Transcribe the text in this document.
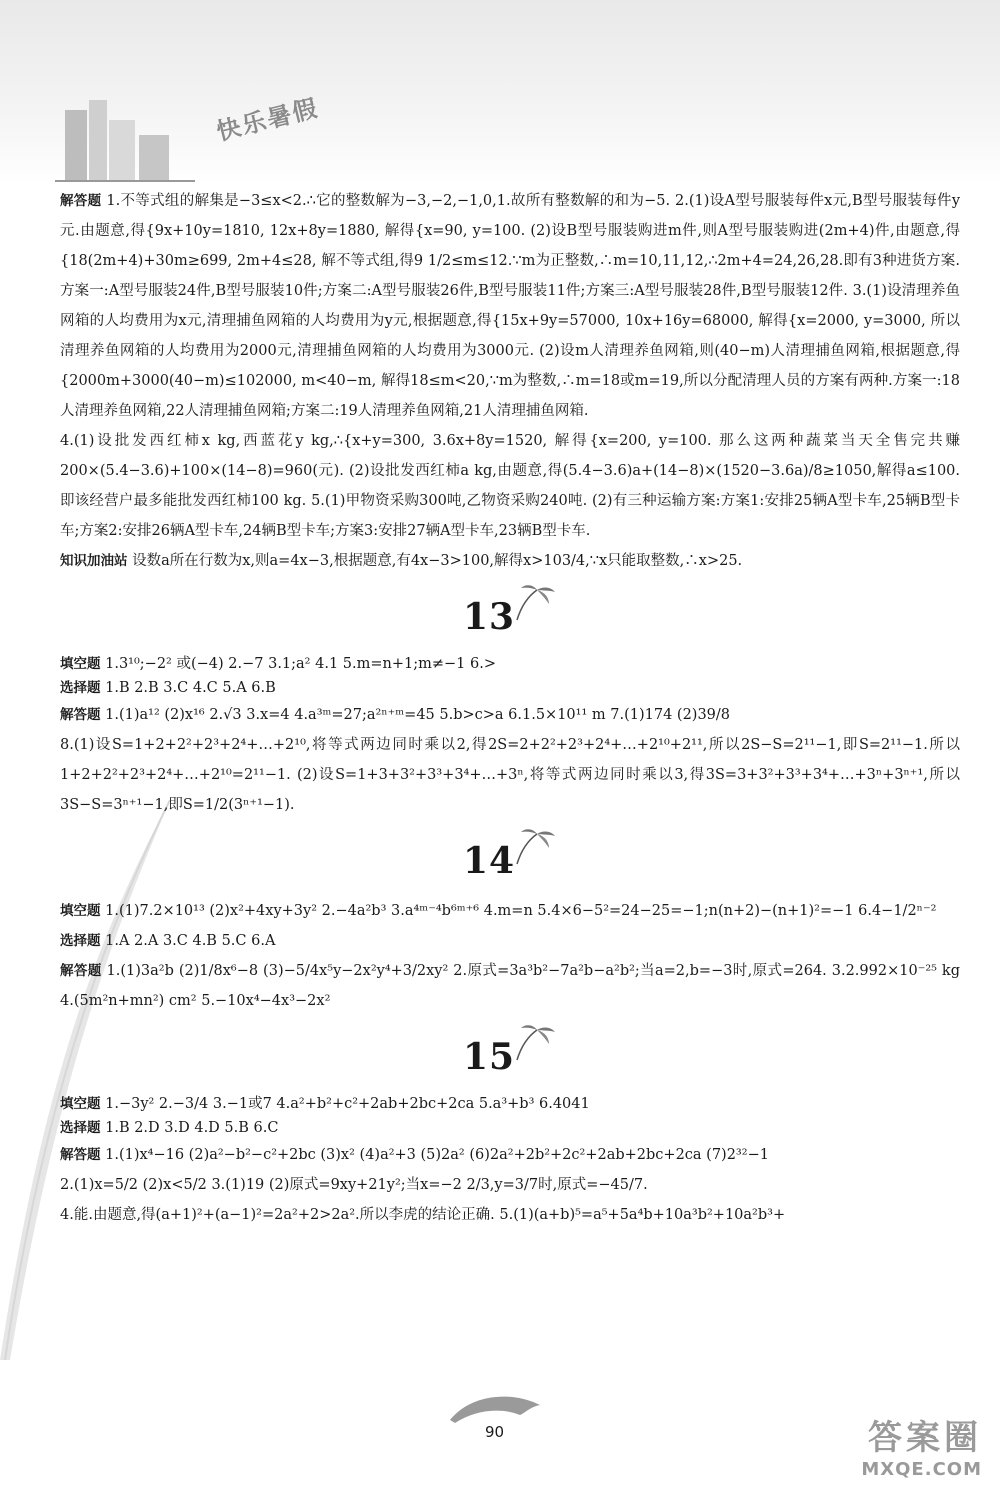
快乐暑假

解答题 1.不等式组的解集是−3≤x<2.∴它的整数解为−3,−2,−1,0,1.故所有整数解的和为−5. 2.(1)设A型号服装每件x元,B型号服装每件y元.由题意,得{9x+10y=1810, 12x+8y=1880, 解得{x=90, y=100. (2)设B型号服装购进m件,则A型号服装购进(2m+4)件,由题意,得{18(2m+4)+30m≥699, 2m+4≤28, 解不等式组,得9 1/2≤m≤12.∵m为正整数,∴m=10,11,12,∴2m+4=24,26,28.即有3种进货方案.方案一:A型号服装24件,B型号服装10件;方案二:A型号服装26件,B型号服装11件;方案三:A型号服装28件,B型号服装12件. 3.(1)设清理养鱼网箱的人均费用为x元,清理捕鱼网箱的人均费用为y元,根据题意,得{15x+9y=57000, 10x+16y=68000, 解得{x=2000, y=3000, 所以清理养鱼网箱的人均费用为2000元,清理捕鱼网箱的人均费用为3000元. (2)设m人清理养鱼网箱,则(40−m)人清理捕鱼网箱,根据题意,得{2000m+3000(40−m)≤102000, m<40−m, 解得18≤m<20,∵m为整数,∴m=18或m=19,所以分配清理人员的方案有两种.方案一:18人清理养鱼网箱,22人清理捕鱼网箱;方案二:19人清理养鱼网箱,21人清理捕鱼网箱.

4.(1)设批发西红柿x kg,西蓝花y kg,∴{x+y=300, 3.6x+8y=1520, 解得{x=200, y=100. 那么这两种蔬菜当天全售完共赚200×(5.4−3.6)+100×(14−8)=960(元). (2)设批发西红柿a kg,由题意,得(5.4−3.6)a+(14−8)×(1520−3.6a)/8≥1050,解得a≤100.即该经营户最多能批发西红柿100 kg. 5.(1)甲物资采购300吨,乙物资采购240吨. (2)有三种运输方案:方案1:安排25辆A型卡车,25辆B型卡车;方案2:安排26辆A型卡车,24辆B型卡车;方案3:安排27辆A型卡车,23辆B型卡车.

知识加油站 设数a所在行数为x,则a=4x−3,根据题意,有4x−3>100,解得x>103/4,∵x只能取整数,∴x>25.

13

填空题 1.3¹⁰;−2² 或(−4) 2.−7 3.1;a² 4.1 5.m=n+1;m≠−1 6.>

选择题 1.B 2.B 3.C 4.C 5.A 6.B

解答题 1.(1)a¹² (2)x¹⁶ 2.√3 3.x=4 4.a³ᵐ=27;a²ⁿ⁺ᵐ=45 5.b>c>a 6.1.5×10¹¹ m 7.(1)174 (2)39/8

8.(1)设S=1+2+2²+2³+2⁴+…+2¹⁰,将等式两边同时乘以2,得2S=2+2²+2³+2⁴+…+2¹⁰+2¹¹,所以2S−S=2¹¹−1,即S=2¹¹−1.所以1+2+2²+2³+2⁴+…+2¹⁰=2¹¹−1. (2)设S=1+3+3²+3³+3⁴+…+3ⁿ,将等式两边同时乘以3,得3S=3+3²+3³+3⁴+…+3ⁿ+3ⁿ⁺¹,所以3S−S=3ⁿ⁺¹−1,即S=1/2(3ⁿ⁺¹−1).

14

填空题 1.(1)7.2×10¹³ (2)x²+4xy+3y² 2.−4a²b³ 3.a⁴ᵐ⁻⁴b⁶ᵐ⁺⁶ 4.m=n 5.4×6−5²=24−25=−1;n(n+2)−(n+1)²=−1 6.4−1/2ⁿ⁻²

选择题 1.A 2.A 3.C 4.B 5.C 6.A

解答题 1.(1)3a²b (2)1/8x⁶−8 (3)−5/4x⁵y−2x²y⁴+3/2xy² 2.原式=3a³b²−7a²b−a²b²;当a=2,b=−3时,原式=264. 3.2.992×10⁻²⁵ kg 4.(5m²n+mn²) cm² 5.−10x⁴−4x³−2x²

15

填空题 1.−3y² 2.−3/4 3.−1或7 4.a²+b²+c²+2ab+2bc+2ca 5.a³+b³ 6.4041

选择题 1.B 2.D 3.D 4.D 5.B 6.C

解答题 1.(1)x⁴−16 (2)a²−b²−c²+2bc (3)x² (4)a²+3 (5)2a² (6)2a²+2b²+2c²+2ab+2bc+2ca (7)2³²−1

2.(1)x=5/2 (2)x<5/2 3.(1)19 (2)原式=9xy+21y²;当x=−2 2/3,y=3/7时,原式=−45/7.

4.能.由题意,得(a+1)²+(a−1)²=2a²+2>2a².所以李虎的结论正确. 5.(1)(a+b)⁵=a⁵+5a⁴b+10a³b²+10a²b³+

90	答案圈
MXQE.COM
